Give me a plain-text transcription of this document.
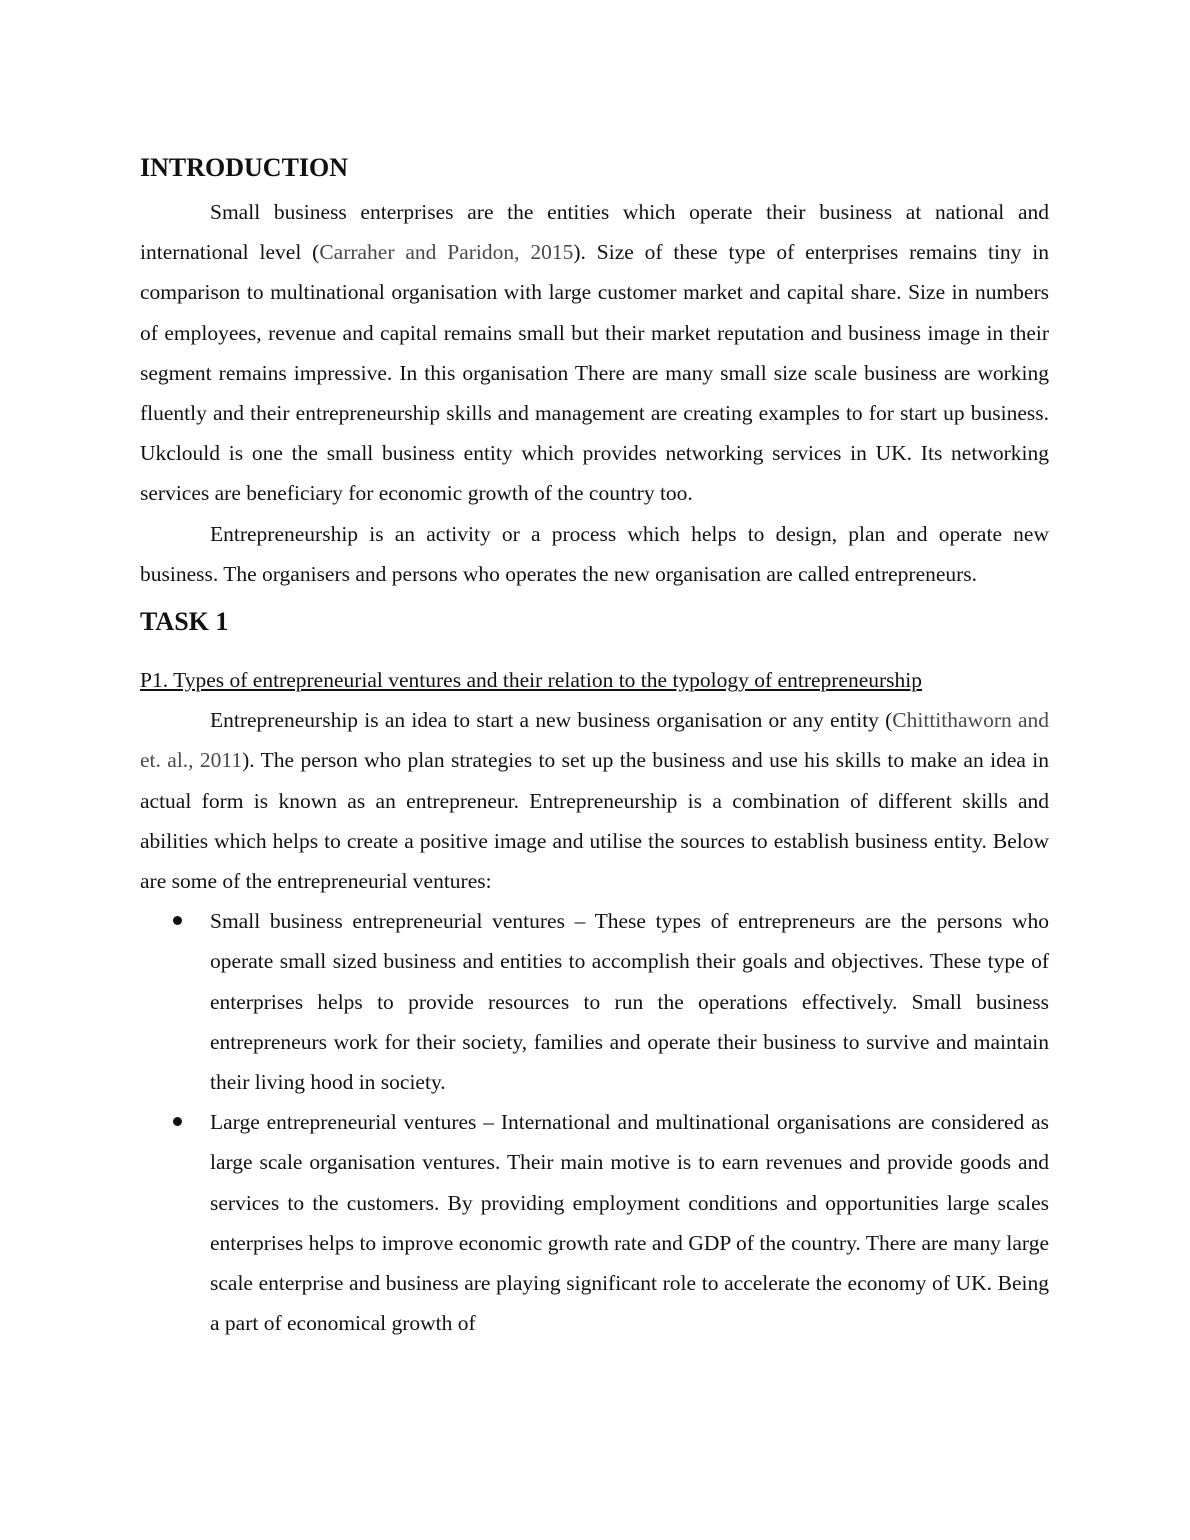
INTRODUCTION

Small business enterprises are the entities which operate their business at national and international level (Carraher and Paridon, 2015). Size of these type of enterprises remains tiny in comparison to multinational organisation with large customer market and capital share. Size in numbers of employees, revenue and capital remains small but their market reputation and business image in their segment remains impressive. In this organisation There are many small size scale business are working fluently and their entrepreneurship skills and management are creating examples to for start up business. Ukclould is one the small business entity which provides networking services in UK. Its networking services are beneficiary for economic growth of the country too.

Entrepreneurship is an activity or a process which helps to design, plan and operate new business. The organisers and persons who operates the new organisation are called entrepreneurs.

TASK 1
P1. Types of entrepreneurial ventures and their relation to the typology of entrepreneurship

Entrepreneurship is an idea to start a new business organisation or any entity (Chittithaworn and et. al., 2011). The person who plan strategies to set up the business and use his skills to make an idea in actual form is known as an entrepreneur. Entrepreneurship is a combination of different skills and abilities which helps to create a positive image and utilise the sources to establish business entity. Below are some of the entrepreneurial ventures:

Small business entrepreneurial ventures – These types of entrepreneurs are the persons who operate small sized business and entities to accomplish their goals and objectives. These type of enterprises helps to provide resources to run the operations effectively. Small business entrepreneurs work for their society, families and operate their business to survive and maintain their living hood in society.
Large entrepreneurial ventures – International and multinational organisations are considered as large scale organisation ventures. Their main motive is to earn revenues and provide goods and services to the customers. By providing employment conditions and opportunities large scales enterprises helps to improve economic growth rate and GDP of the country. There are many large scale enterprise and business are playing significant role to accelerate the economy of UK. Being a part of economical growth of
